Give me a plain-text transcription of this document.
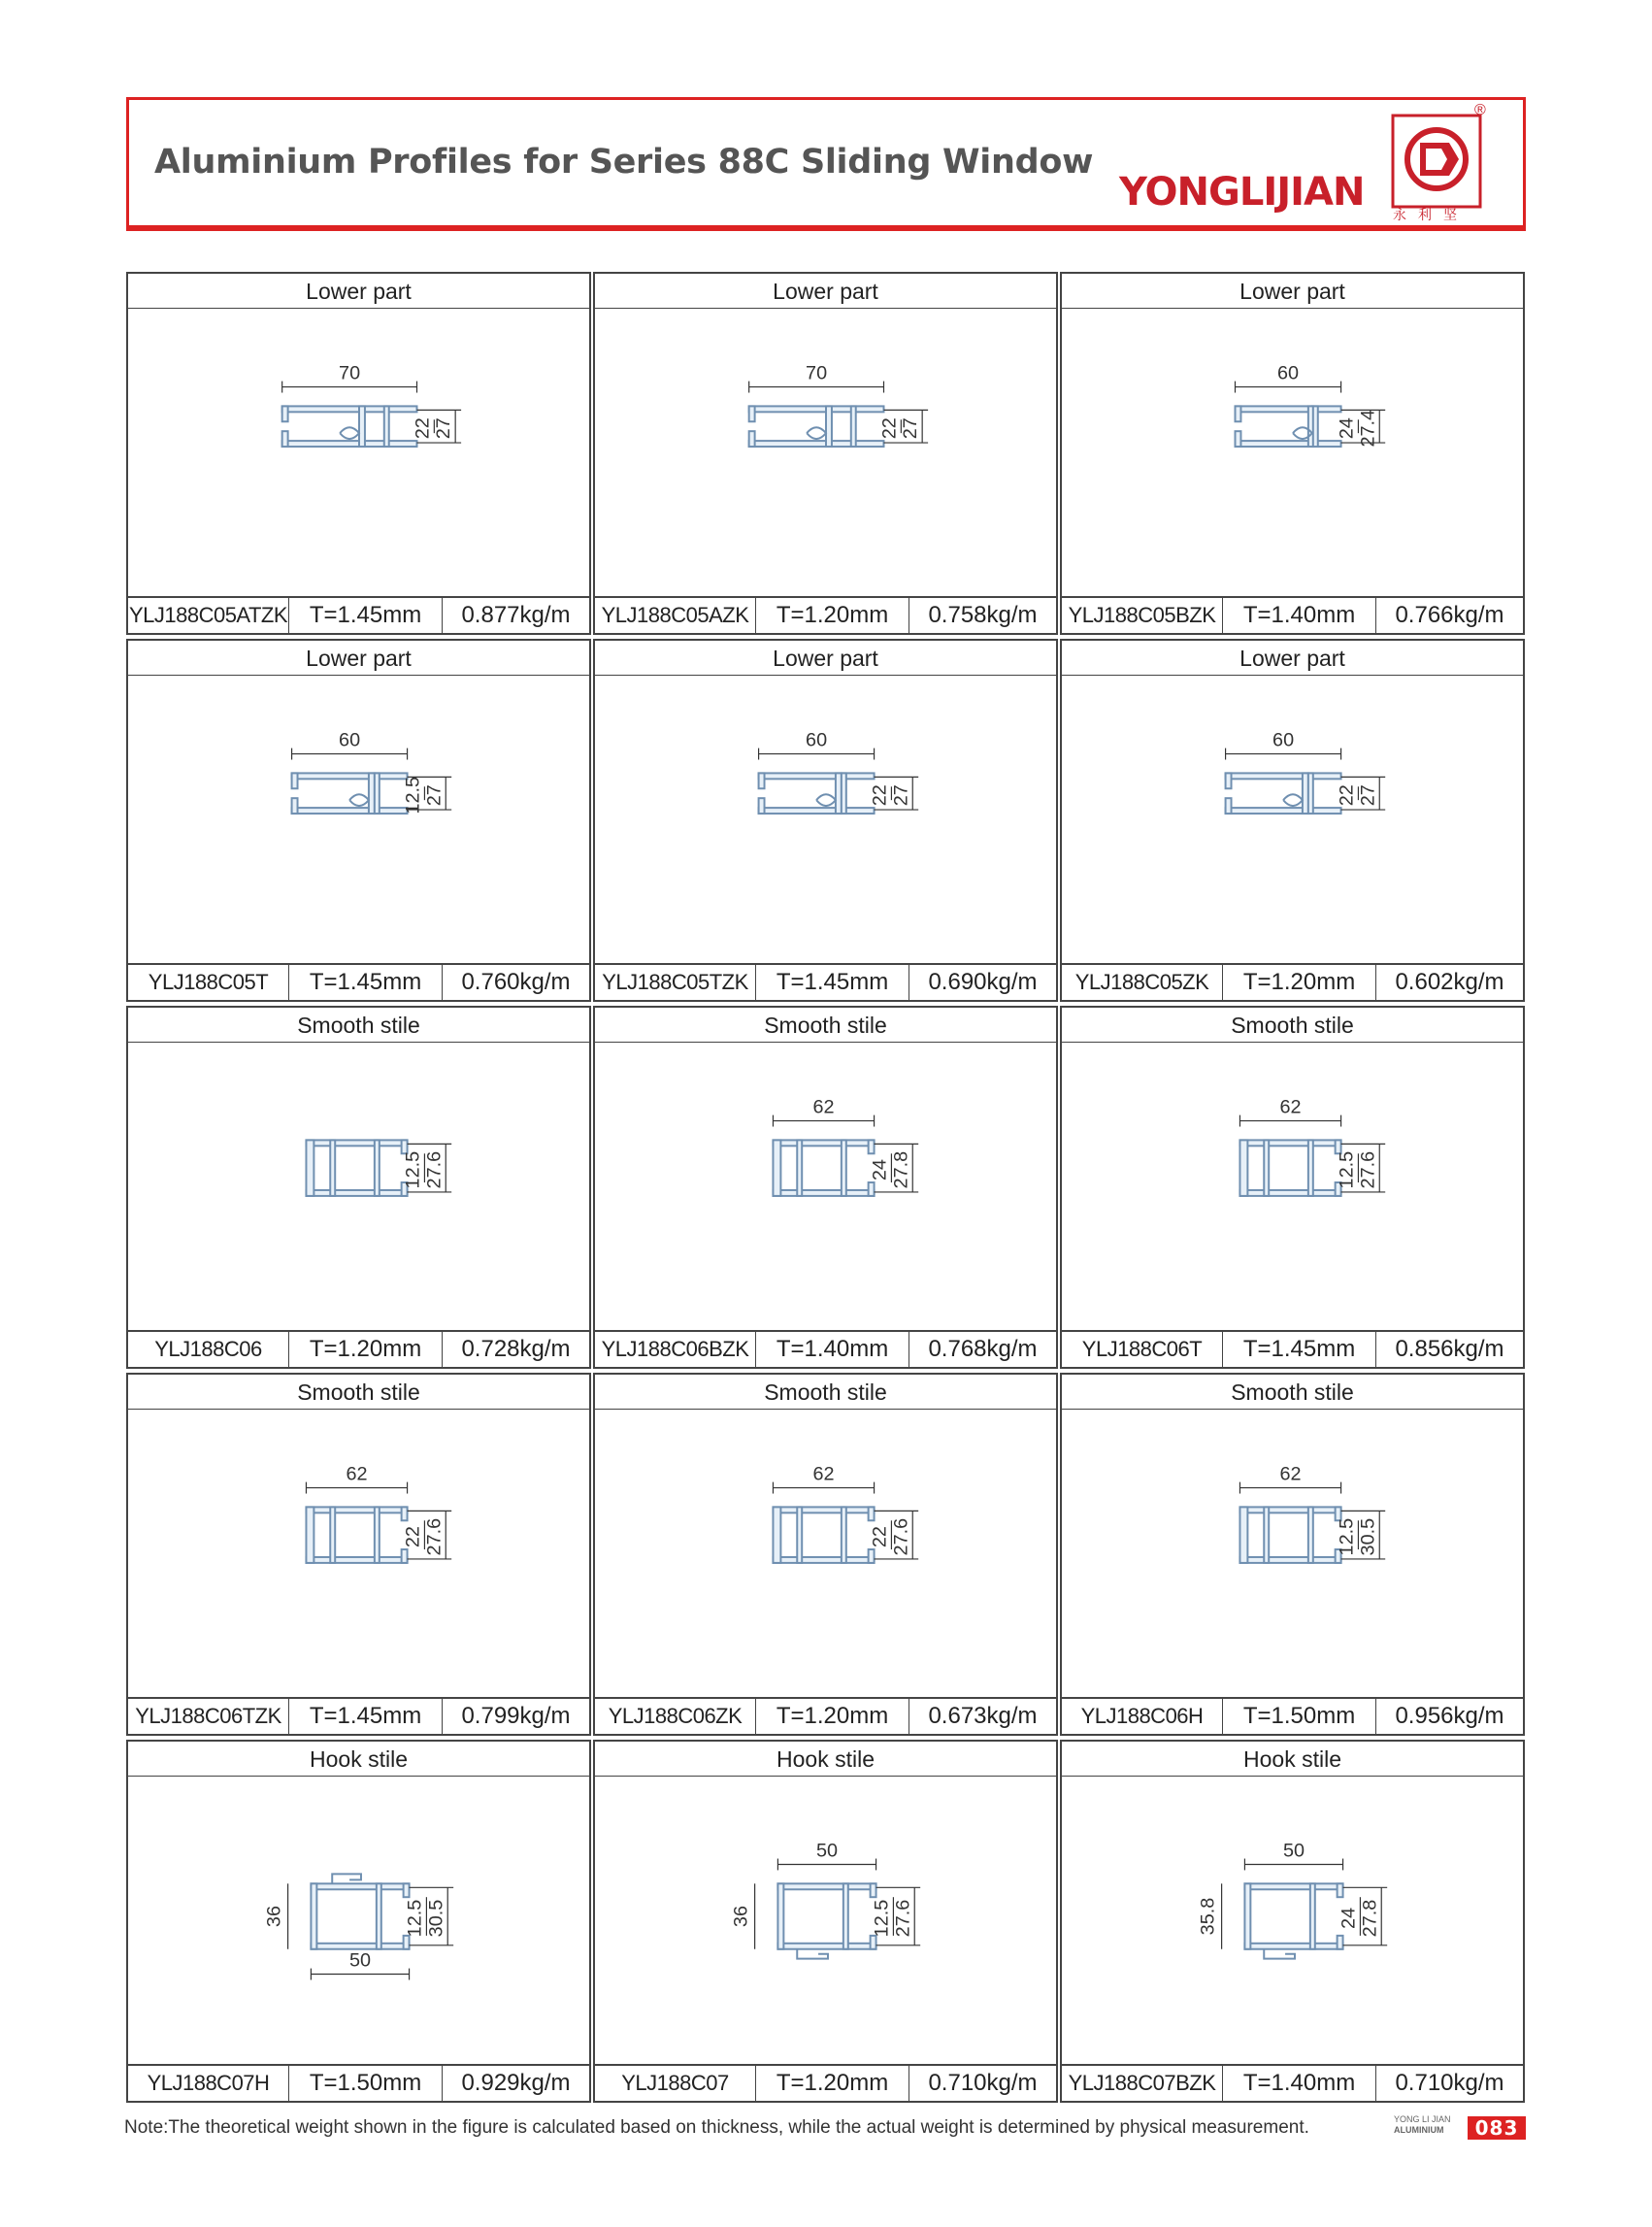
Aluminium Profiles for Series 88C Sliding Window
YONGLIJIAN
®
永利坚
Lower part
70
22 27
YLJ188C05ATZK T=1.45mm	0.877kg/m
Lower part
70
22 27
YLJ188C05AZK	T=1.20mm	0.758kg/m
Lower part
60
24 27.4
YLJ188C05BZK	T=1.40mm	0.766kg/m
Lower part
60
12.5 27
YLJ188C05T	T=1.45mm	0.760kg/m
Lower part
60
22 27
YLJ188C05TZK	T=1.45mm	0.690kg/m
Lower part
60
22 27
YLJ188C05ZK	T=1.20mm	0.602kg/m
Smooth stile
12.5 27.6
YLJ188C06	T=1.20mm	0.728kg/m
Smooth stile
62
24 27.8
YLJ188C06BZK	T=1.40mm	0.768kg/m
Smooth stile
62
12.5 27.6
YLJ188C06T	T=1.45mm	0.856kg/m
Smooth stile
62
22 27.6
YLJ188C06TZK	T=1.45mm	0.799kg/m
Smooth stile
62
22 27.6
YLJ188C06ZK	T=1.20mm	0.673kg/m
Smooth stile
62
12.5 30.5
YLJ188C06H	T=1.50mm	0.956kg/m
Hook stile
50
36	12.5 30.5
YLJ188C07H	T=1.50mm	0.929kg/m
Hook stile
50
36	12.5 27.6
YLJ188C07	T=1.20mm	0.710kg/m
Hook stile
50
35.8	24 27.8
YLJ188C07BZK	T=1.40mm	0.710kg/m
Note:The theoretical weight shown in the figure is calculated based on thickness, while the actual weight is determined by physical measurement.	YONG LI JIAN
ALUMINIUM	083
